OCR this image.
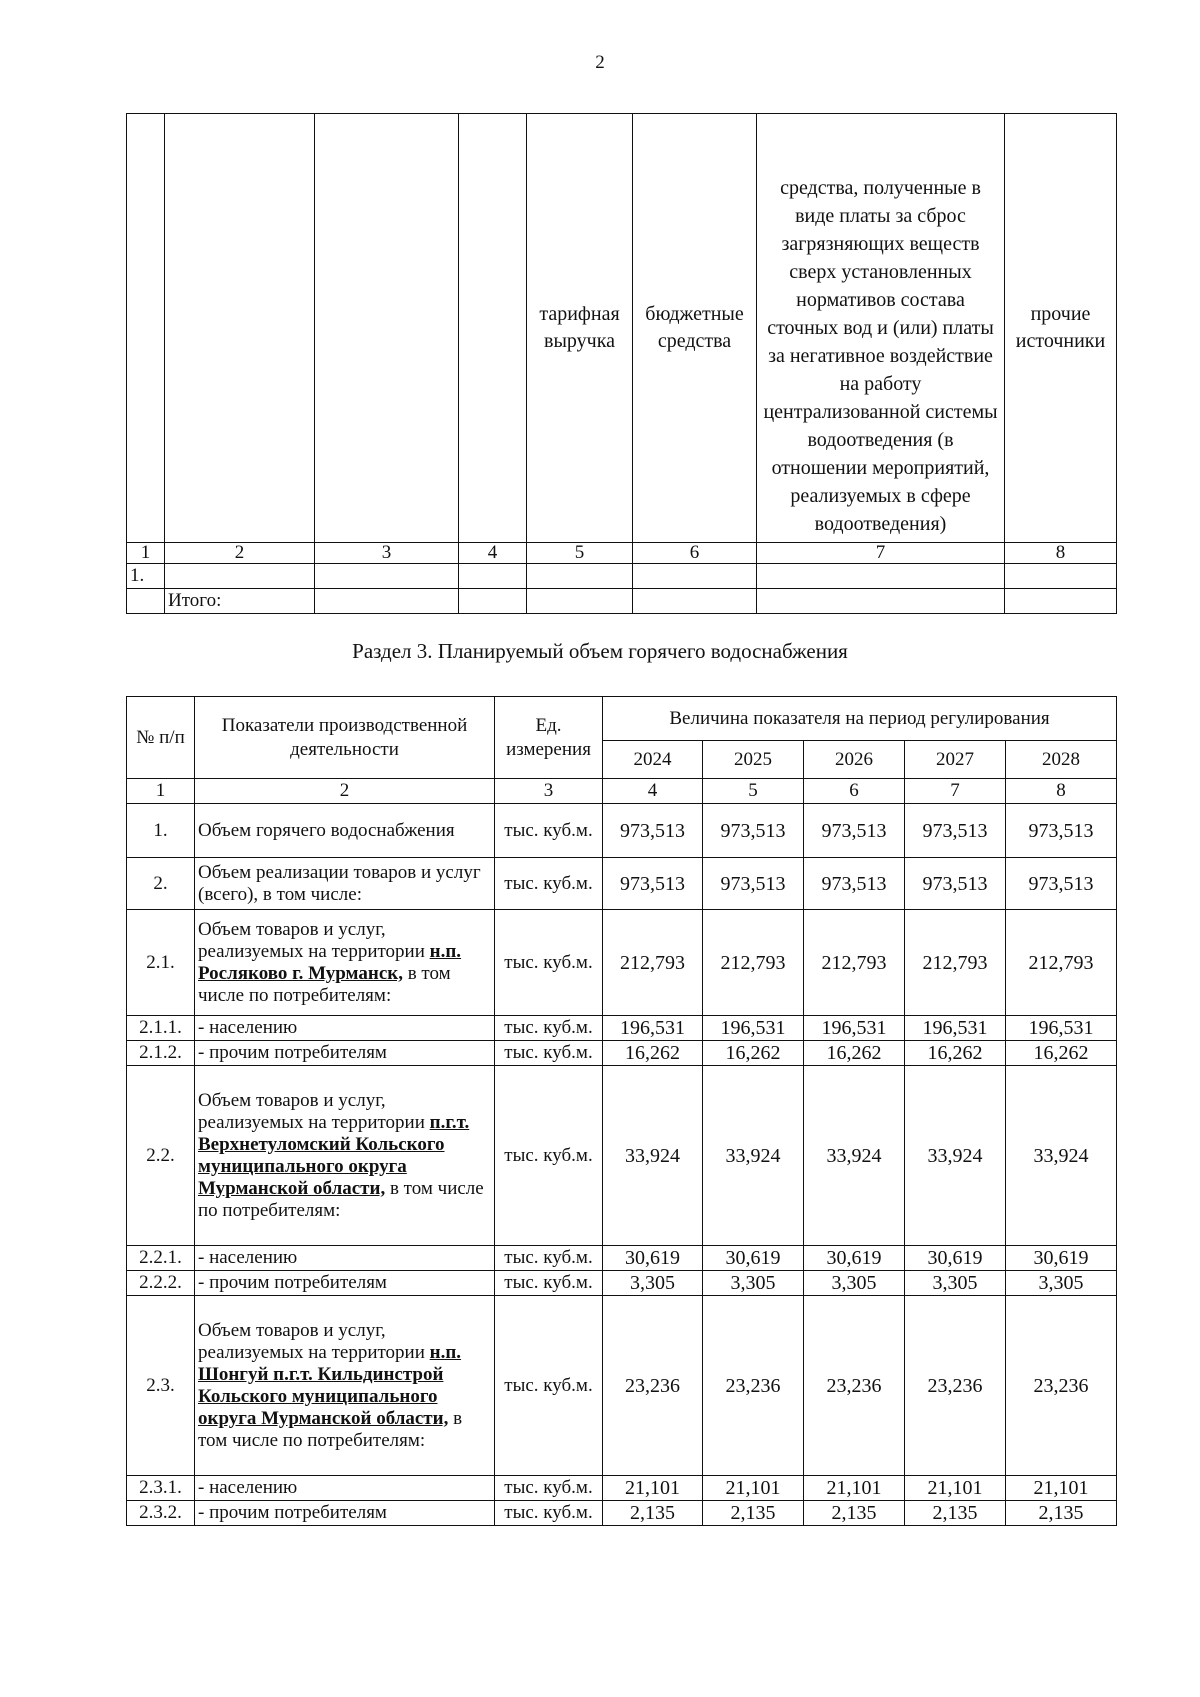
2
				тарифная выручка	бюджетные средства	средства, полученные в виде платы за сброс загрязняющих веществ сверх установленных нормативов состава сточных вод и (или) платы за негативное воздействие на работу централизованной системы водоотведения (в отношении мероприятий, реализуемых в сфере водоотведения)	прочие источники
1	2	3	4	5	6	7	8
1.							
	Итого:						
Раздел 3. Планируемый объем горячего водоснабжения
№ п/п	Показатели производственной деятельности	Ед. измерения	Величина показателя на период регулирования				
			2024	2025	2026	2027	2028
1	2	3	4	5	6	7	8
1.	Объем горячего водоснабжения	тыс. куб.м.	973,513	973,513	973,513	973,513	973,513
2.	Объем реализации товаров и услуг (всего), в том числе:	тыс. куб.м.	973,513	973,513	973,513	973,513	973,513
2.1.	Объем товаров и услуг, реализуемых на территории н.п. Росляково г. Мурманск, в том числе по потребителям:	тыс. куб.м.	212,793	212,793	212,793	212,793	212,793
2.1.1.	- населению	тыс. куб.м.	196,531	196,531	196,531	196,531	196,531
2.1.2.	- прочим потребителям	тыс. куб.м.	16,262	16,262	16,262	16,262	16,262
2.2.	Объем товаров и услуг, реализуемых на территории п.г.т. Верхнетуломский Кольского муниципального округа Мурманской области, в том числе по потребителям:	тыс. куб.м.	33,924	33,924	33,924	33,924	33,924
2.2.1.	- населению	тыс. куб.м.	30,619	30,619	30,619	30,619	30,619
2.2.2.	- прочим потребителям	тыс. куб.м.	3,305	3,305	3,305	3,305	3,305
2.3.	Объем товаров и услуг, реализуемых на территории н.п. Шонгуй п.г.т. Кильдинстрой Кольского муниципального округа Мурманской области, в том числе по потребителям:	тыс. куб.м.	23,236	23,236	23,236	23,236	23,236
2.3.1.	- населению	тыс. куб.м.	21,101	21,101	21,101	21,101	21,101
2.3.2.	- прочим потребителям	тыс. куб.м.	2,135	2,135	2,135	2,135	2,135
